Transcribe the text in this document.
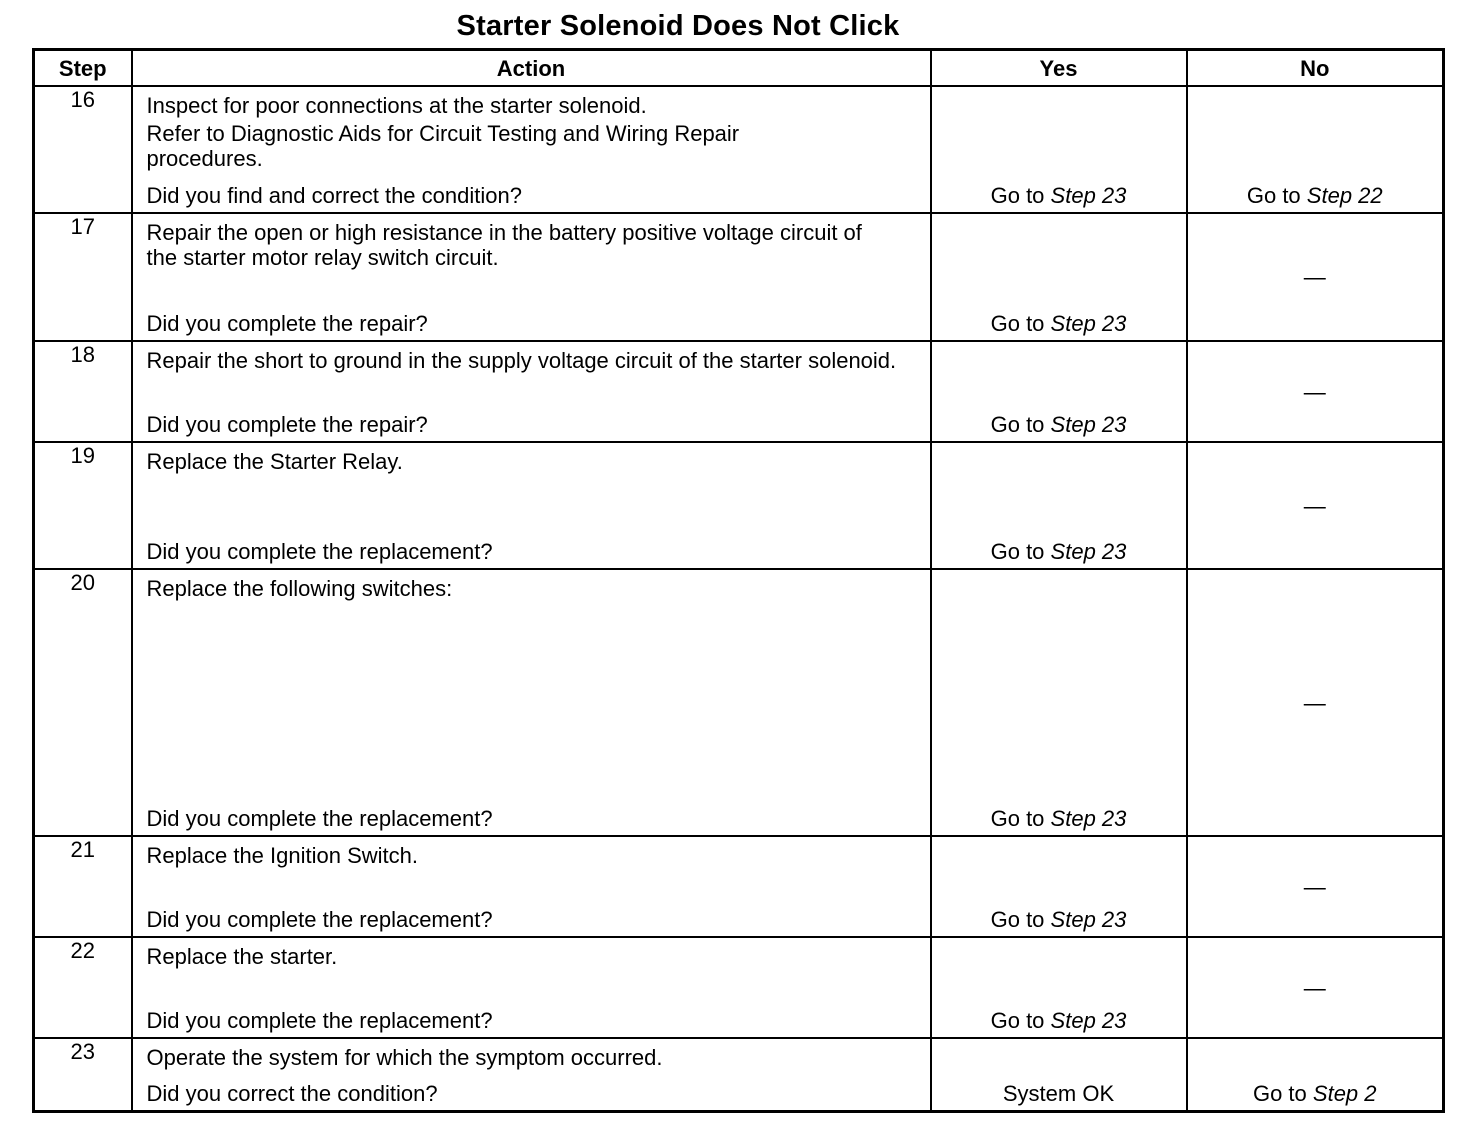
Starter Solenoid Does Not Click
Step	Action	Yes	No
16	Inspect for poor connections at the starter solenoid.
Refer to Diagnostic Aids for Circuit Testing and Wiring Repair procedures.
Did you find and correct the condition?	Go to Step 23	Go to Step 22

17	Repair the open or high resistance in the battery positive voltage circuit of the starter motor relay switch circuit.
Did you complete the repair?	Go to Step 23	—

18	Repair the short to ground in the supply voltage circuit of the starter solenoid.
Did you complete the repair?	Go to Step 23	—

19	Replace the Starter Relay.
Did you complete the replacement?	Go to Step 23	—

20	Replace the following switches:
Did you complete the replacement?	Go to Step 23	—

21	Replace the Ignition Switch.
Did you complete the replacement?	Go to Step 23	—

22	Replace the starter.
Did you complete the replacement?	Go to Step 23	—

23	Operate the system for which the symptom occurred.
Did you correct the condition?	System OK	Go to Step 2
